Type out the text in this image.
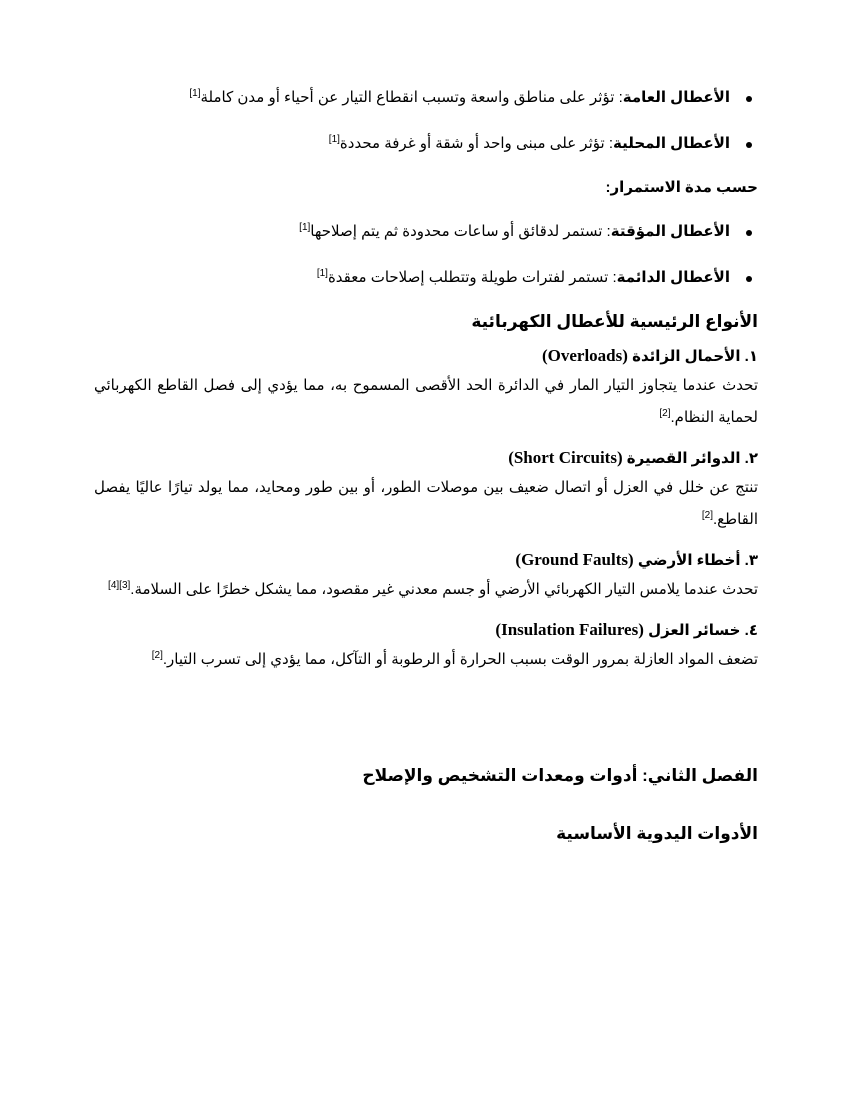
الأعطال العامة: تؤثر على مناطق واسعة وتسبب انقطاع التيار عن أحياء أو مدن كاملة[1]
الأعطال المحلية: تؤثر على مبنى واحد أو شقة أو غرفة محددة[1]
حسب مدة الاستمرار:
الأعطال المؤقتة: تستمر لدقائق أو ساعات محدودة ثم يتم إصلاحها[1]
الأعطال الدائمة: تستمر لفترات طويلة وتتطلب إصلاحات معقدة[1]
الأنواع الرئيسية للأعطال الكهربائية
١. الأحمال الزائدة (Overloads)

تحدث عندما يتجاوز التيار المار في الدائرة الحد الأقصى المسموح به، مما يؤدي إلى فصل القاطع الكهربائي لحماية النظام.[2]

٢. الدوائر القصيرة (Short Circuits)

تنتج عن خلل في العزل أو اتصال ضعيف بين موصلات الطور، أو بين طور ومحايد، مما يولد تيارًا عاليًا يفصل القاطع.[2]

٣. أخطاء الأرضي (Ground Faults)

تحدث عندما يلامس التيار الكهربائي الأرضي أو جسم معدني غير مقصود، مما يشكل خطرًا على السلامة.[3][4]

٤. خسائر العزل (Insulation Failures)

تضعف المواد العازلة بمرور الوقت بسبب الحرارة أو الرطوبة أو التآكل، مما يؤدي إلى تسرب التيار.[2]

الفصل الثاني: أدوات ومعدات التشخيص والإصلاح
الأدوات اليدوية الأساسية
